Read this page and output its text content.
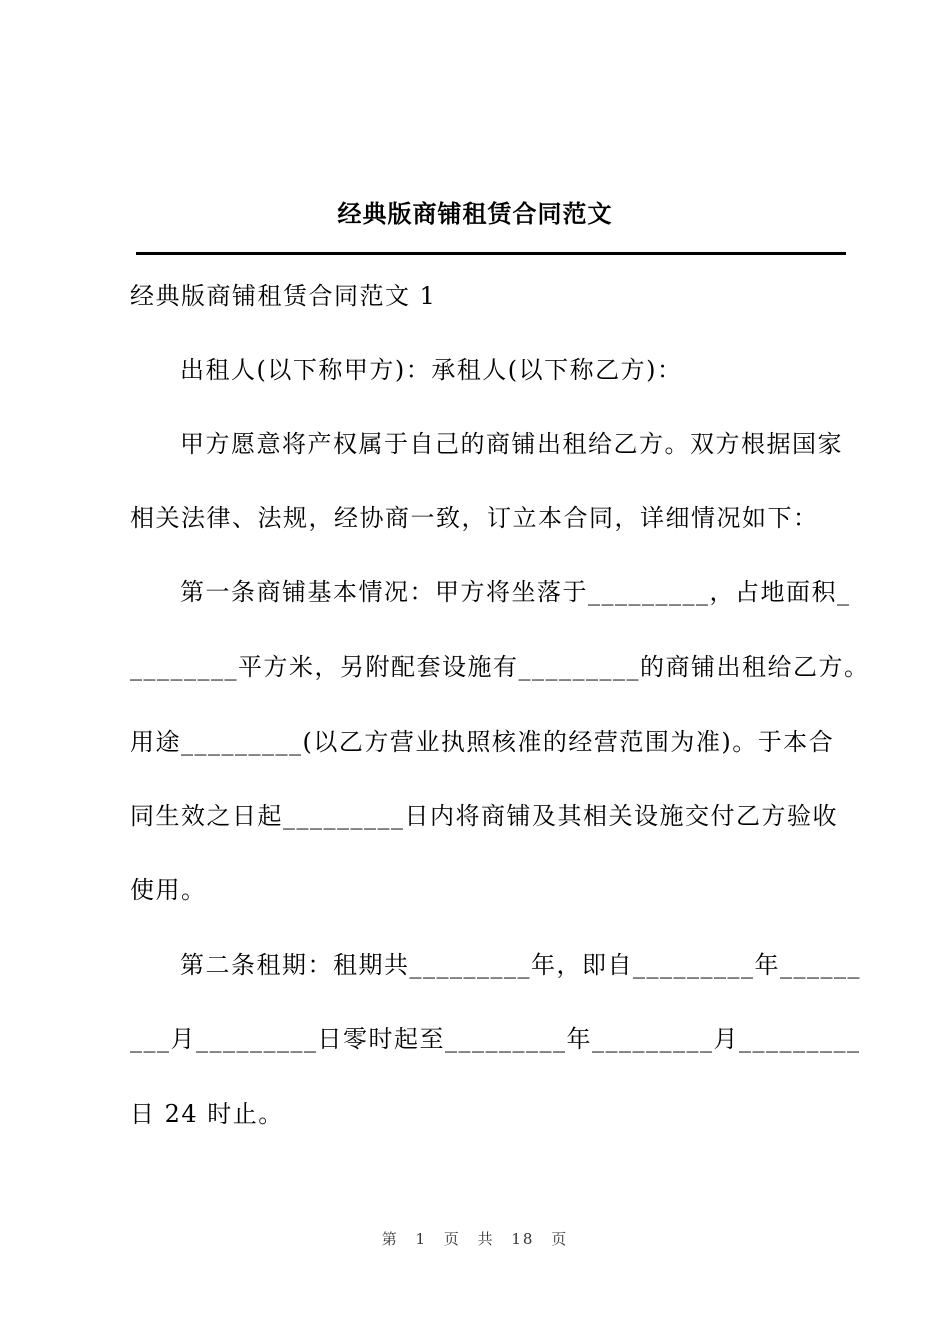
经典版商铺租赁合同范文
经典版商铺租赁合同范文 1
出租人(以下称甲方)：承租人(以下称乙方)：
甲方愿意将产权属于自己的商铺出租给乙方。双方根据国家
相关法律、法规，经协商一致，订立本合同，详细情况如下：
第一条商铺基本情况：甲方将坐落于_________，占地面积_
________平方米，另附配套设施有_________的商铺出租给乙方。
用途_________(以乙方营业执照核准的经营范围为准)。于本合
同生效之日起_________日内将商铺及其相关设施交付乙方验收
使用。
第二条租期：租期共_________年，即自_________年______
___月_________日零时起至_________年_________月_________
日 24 时止。
第 1 页 共 18 页
